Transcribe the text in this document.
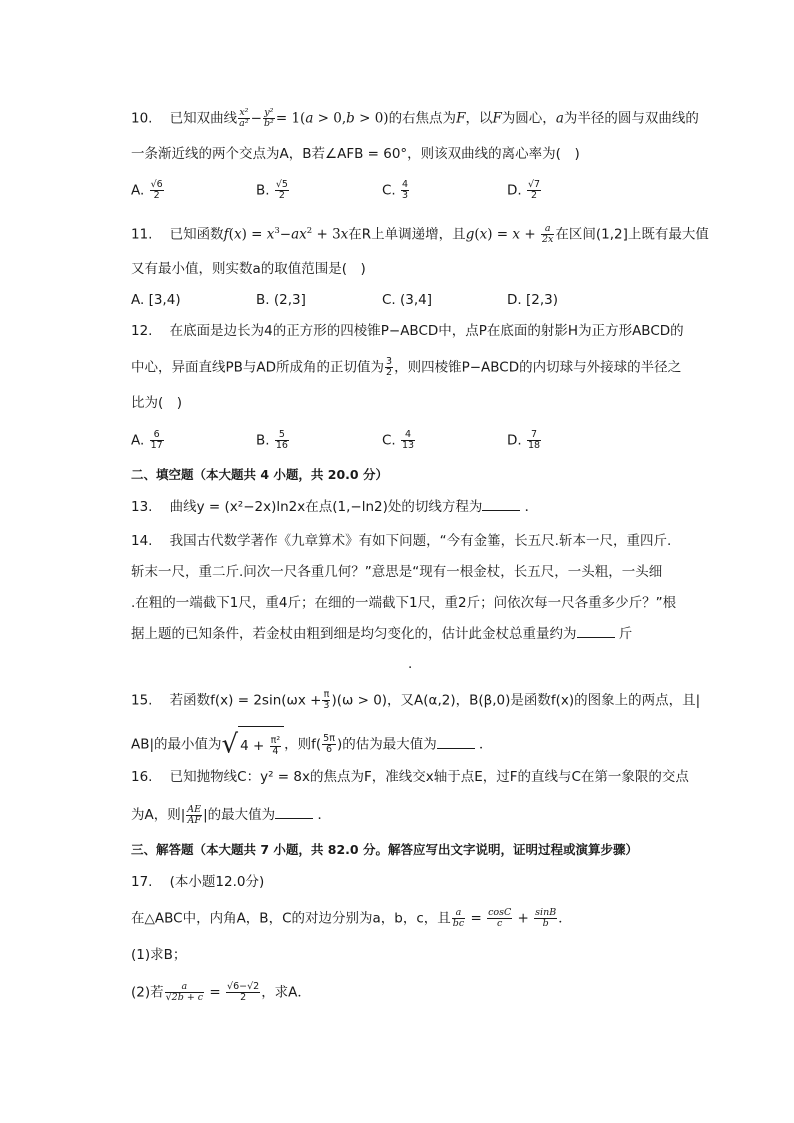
10. 已知双曲线 $\frac{\text{x²}}{\text{a²}} - \frac{\text{y²}}{\text{b²}} = 1(a > 0,b > 0)$的右焦点为F，以F为圆心，a为半径的圆与双曲线的
一条渐近线的两个交点为A，B若∠AFB = 60°，则该双曲线的离心率为(　)
A. $\frac{√6}{2}$	B. $\frac{√5}{2}$	C. $\frac{4}{3}$	D. $\frac{√7}{2}$
11. 已知函数$f(x) = x^3-ax^2 + 3x$在R上单调递增，且$g(x) = x + \frac{a}{2x}$ 在区间(1,2]上既有最大值
又有最小值，则实数a的取值范围是(　)
A. [3,4)	B. (2,3]	C. (3,4]	D. [2,3)
12. 在底面是边长为4的正方形的四棱锥P−ABCD中，点P在底面的射影H为正方形ABCD的
中心，异面直线PB与AD所成角的正切值为 $\frac{3}{2}$ ，则四棱锥P−ABCD的内切球与外接球的半径之
比为(　)
A. $\frac{6}{17}$	B. $\frac{5}{16}$	C. $\frac{4}{13}$	D. $\frac{7}{18}$
二、填空题（本大题共 4 小题，共 20.0 分）
13. 曲线y = (x²−2x)ln2x在点(1,−ln2)处的切线方程为	．
14. 我国古代数学著作《九章算术》有如下问题，“今有金箠，长五尺.斩本一尺，重四斤.
斩末一尺，重二斤.问次一尺各重几何？”意思是“现有一根金杖，长五尺，一头粗，一头细
.在粗的一端截下1尺，重4斤；在细的一端截下1尺，重2斤；问依次每一尺各重多少斤？”根
据上题的已知条件，若金杖由粗到细是均匀变化的，估计此金杖总重量约为	斤
.
15. 若函数$f(x) = 2\sin(\omega x + \frac{\pi}{3} )(\omega > 0)$，又A(α,2)，B(β,0)是函数f(x)的图象上的两点，且|
AB|的最小值为√ $4 + \frac{\text{π²}}{4}$ ，则$f( \frac{5\pi}{6}$ )的估为最大值为	．
16. 已知抛物线C：y² = 8x的焦点为F，准线交x轴于点E，过F的直线与C在第一象限的交点
为A，则| $\frac{AE}{AF}$ |的最大值为	．
三、解答题（本大题共 7 小题，共 82.0 分。解答应写出文字说明，证明过程或演算步骤）
17. (本小题12.0分)
在△ABC中，内角A，B，C的对边分别为a，b，c，且 $\frac{a}{bc} = \frac{\cos C}{c} + \frac{\sin B}{b}$ ．
(1)求B；
(2)若 $\frac{a}{√2b + c} = \frac{√6-√2}{2}$ ，求A．
